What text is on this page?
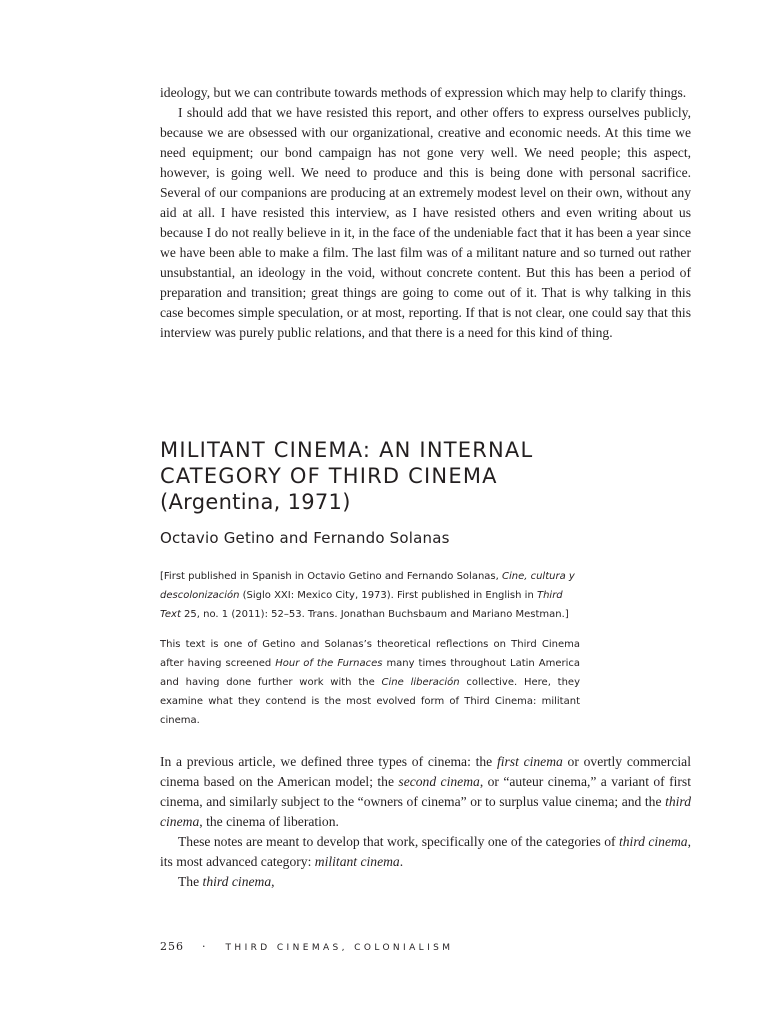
ideology, but we can contribute towards methods of expression which may help to clarify things.

I should add that we have resisted this report, and other offers to express ourselves publicly, because we are obsessed with our organizational, creative and economic needs. At this time we need equipment; our bond campaign has not gone very well. We need people; this aspect, however, is going well. We need to produce and this is being done with personal sacrifice. Several of our companions are producing at an extremely modest level on their own, without any aid at all. I have resisted this interview, as I have resisted others and even writing about us because I do not really believe in it, in the face of the undeniable fact that it has been a year since we have been able to make a film. The last film was of a militant nature and so turned out rather unsubstantial, an ideology in the void, without concrete content. But this has been a period of preparation and transition; great things are going to come out of it. That is why talking in this case becomes simple speculation, or at most, reporting. If that is not clear, one could say that this interview was purely public relations, and that there is a need for this kind of thing.

MILITANT CINEMA: AN INTERNAL
CATEGORY OF THIRD CINEMA
(Argentina, 1971)
Octavio Getino and Fernando Solanas
[First published in Spanish in Octavio Getino and Fernando Solanas, Cine, cultura y descolonización (Siglo XXI: Mexico City, 1973). First published in English in Third Text 25, no. 1 (2011): 52–53. Trans. Jonathan Buchsbaum and Mariano Mestman.]
This text is one of Getino and Solanas’s theoretical reflections on Third Cinema after having screened Hour of the Furnaces many times throughout Latin America and having done further work with the Cine liberación collective. Here, they examine what they contend is the most evolved form of Third Cinema: militant cinema.

In a previous article, we defined three types of cinema: the first cinema or overtly commercial cinema based on the American model; the second cinema, or “auteur cinema,” a variant of first cinema, and similarly subject to the “owners of cinema” or to surplus value cinema; and the third cinema, the cinema of liberation.

These notes are meant to develop that work, specifically one of the categories of third cinema, its most advanced category: militant cinema.

The third cinema,

256 · THIRD CINEMAS, COLONIALISM
